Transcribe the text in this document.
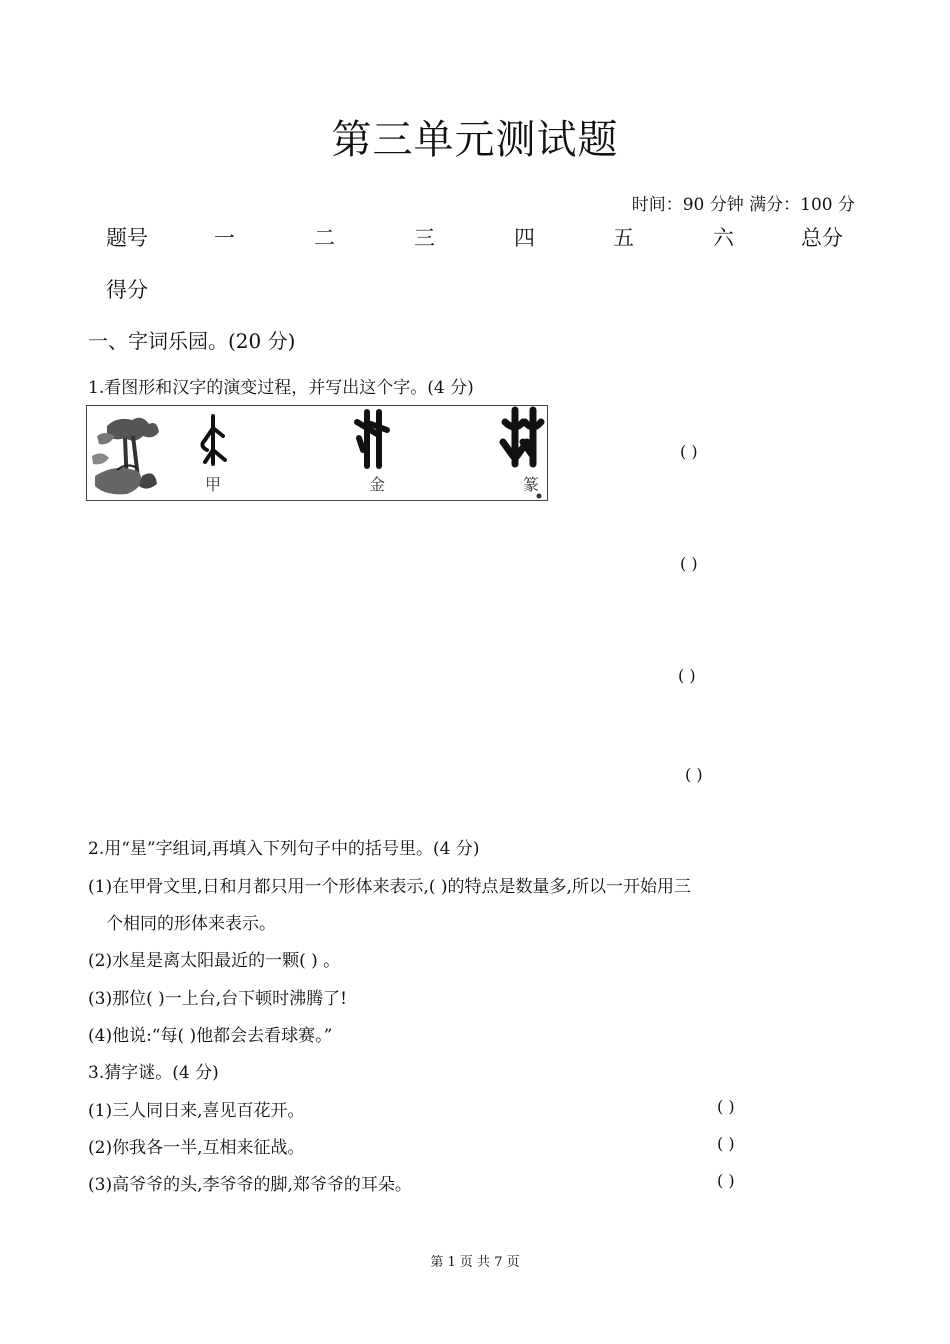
第三单元测试题
时间：90 分钟 满分：100 分
题号	一	二	三	四	五	六	总分
得分
一、字词乐园。(20 分)
1.看图形和汉字的演变过程，并写出这个字。(4 分)
甲	金	篆
( )
( )
( )
( )
2.用“星”字组词,再填入下列句子中的括号里。(4 分)
(1)在甲骨文里,日和月都只用一个形体来表示,( )的特点是数量多,所以一开始用三
个相同的形体来表示。
(2)水星是离太阳最近的一颗( ) 。
(3)那位( )一上台,台下顿时沸腾了!
(4)他说:“每( )他都会去看球赛。”
3.猜字谜。(4 分)
(1)三人同日来,喜见百花开。
(2)你我各一半,互相来征战。
(3)高爷爷的头,李爷爷的脚,郑爷爷的耳朵。
( )
( )
( )
第 1 页 共 7 页
